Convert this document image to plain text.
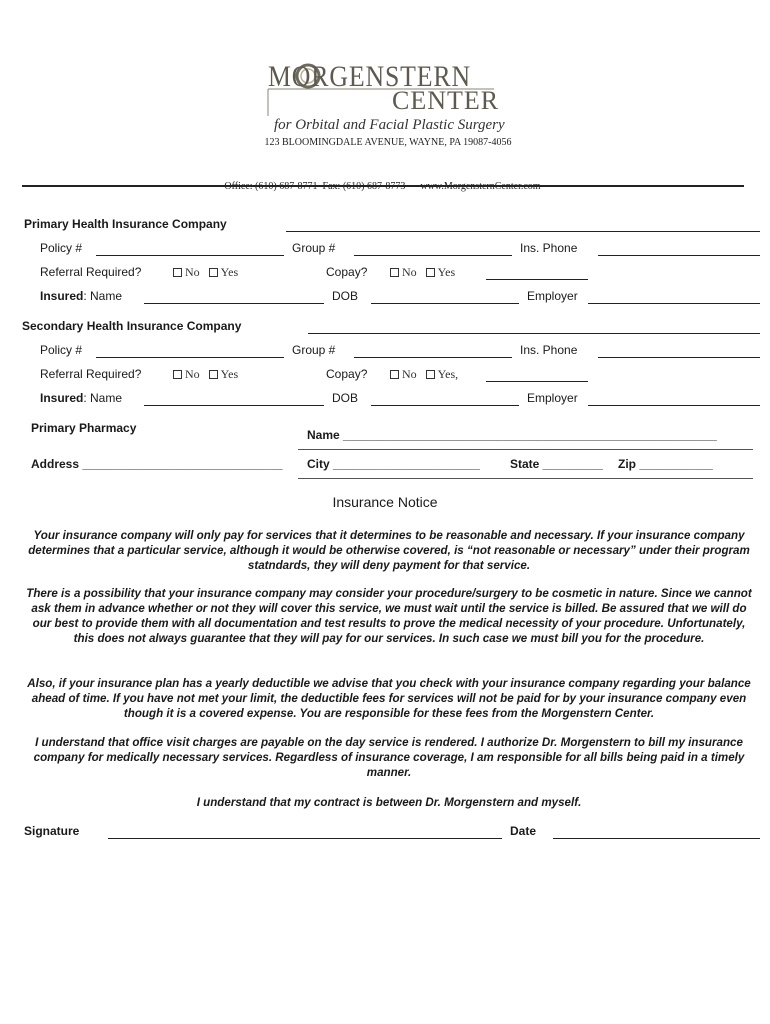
MORGENSTERN
CENTER
for Orbital and Facial Plastic Surgery
123 BLOOMINGDALE AVENUE, WAYNE, PA 19087-4056

Office: (610) 687-8771  Fax: (610) 687-8773      www.MorgensternCenter.com

Primary Health Insurance Company
Policy #	Group #	Ins. Phone
Referral Required?	No Yes	Copay?	No Yes
Insured: Name	DOB	Employer
Secondary Health Insurance Company
Policy #	Group #	Ins. Phone
Referral Required?	No Yes	Copay?	No Yes,
Insured: Name	DOB	Employer
Primary Pharmacy	Name ________________________________________________________
Address ______________________________ City ______________________	State _________ Zip ___________
Insurance Notice
Your insurance company will only pay for services that it determines to be reasonable and necessary. If your insurance company determines that a particular service, although it would be otherwise covered, is “not reasonable or necessary” under their program statndards, they will deny payment for that service.
There is a possibility that your insurance company may consider your procedure/surgery to be cosmetic in nature. Since we cannot ask them in advance whether or not they will cover this service, we must wait until the service is billed. Be assured that we will do our best to provide them with all documentation and test results to prove the medical necessity of your procedure. Unfortunately, this does not always guarantee that they will pay for our services. In such case we must bill you for the procedure.
Also, if your insurance plan has a yearly deductible we advise that you check with your insurance company regarding your balance ahead of time. If you have not met your limit, the deductible fees for services will not be paid for by your insurance company even though it is a covered expense. You are responsible for these fees from the Morgenstern Center.
I understand that office visit charges are payable on the day service is rendered. I authorize Dr. Morgenstern to bill my insurance company for medically necessary services. Regardless of insurance coverage, I am responsible for all bills being paid in a timely manner.
I understand that my contract is between Dr. Morgenstern and myself.
Signature	Date
